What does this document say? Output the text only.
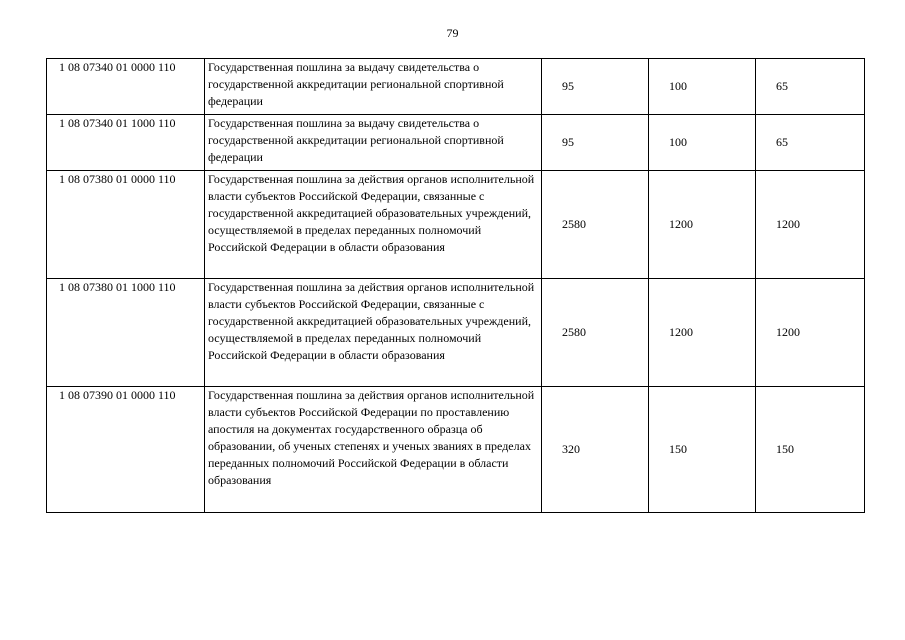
79
1 08 07340 01 0000 110	Государственная пошлина за выдачу свидетельства о государственной аккредитации региональной спортивной федерации	95	100	65
1 08 07340 01 1000 110	Государственная пошлина за выдачу свидетельства о государственной аккредитации региональной спортивной федерации	95	100	65
1 08 07380 01 0000 110	Государственная пошлина за действия органов исполнительной власти субъектов Российской Федерации, связанные с государственной аккредитацией образовательных учреждений, осуществляемой в пределах переданных полномочий Российской Федерации в области образования	2580	1200	1200
1 08 07380 01 1000 110	Государственная пошлина за действия органов исполнительной власти субъектов Российской Федерации, связанные с государственной аккредитацией образовательных учреждений, осуществляемой в пределах переданных полномочий Российской Федерации в области образования	2580	1200	1200
1 08 07390 01 0000 110	Государственная пошлина за действия органов исполнительной власти субъектов Российской Федерации по проставлению апостиля на документах государственного образца об образовании, об ученых степенях и ученых званиях в пределах переданных полномочий Российской Федерации в области образования	320	150	150
